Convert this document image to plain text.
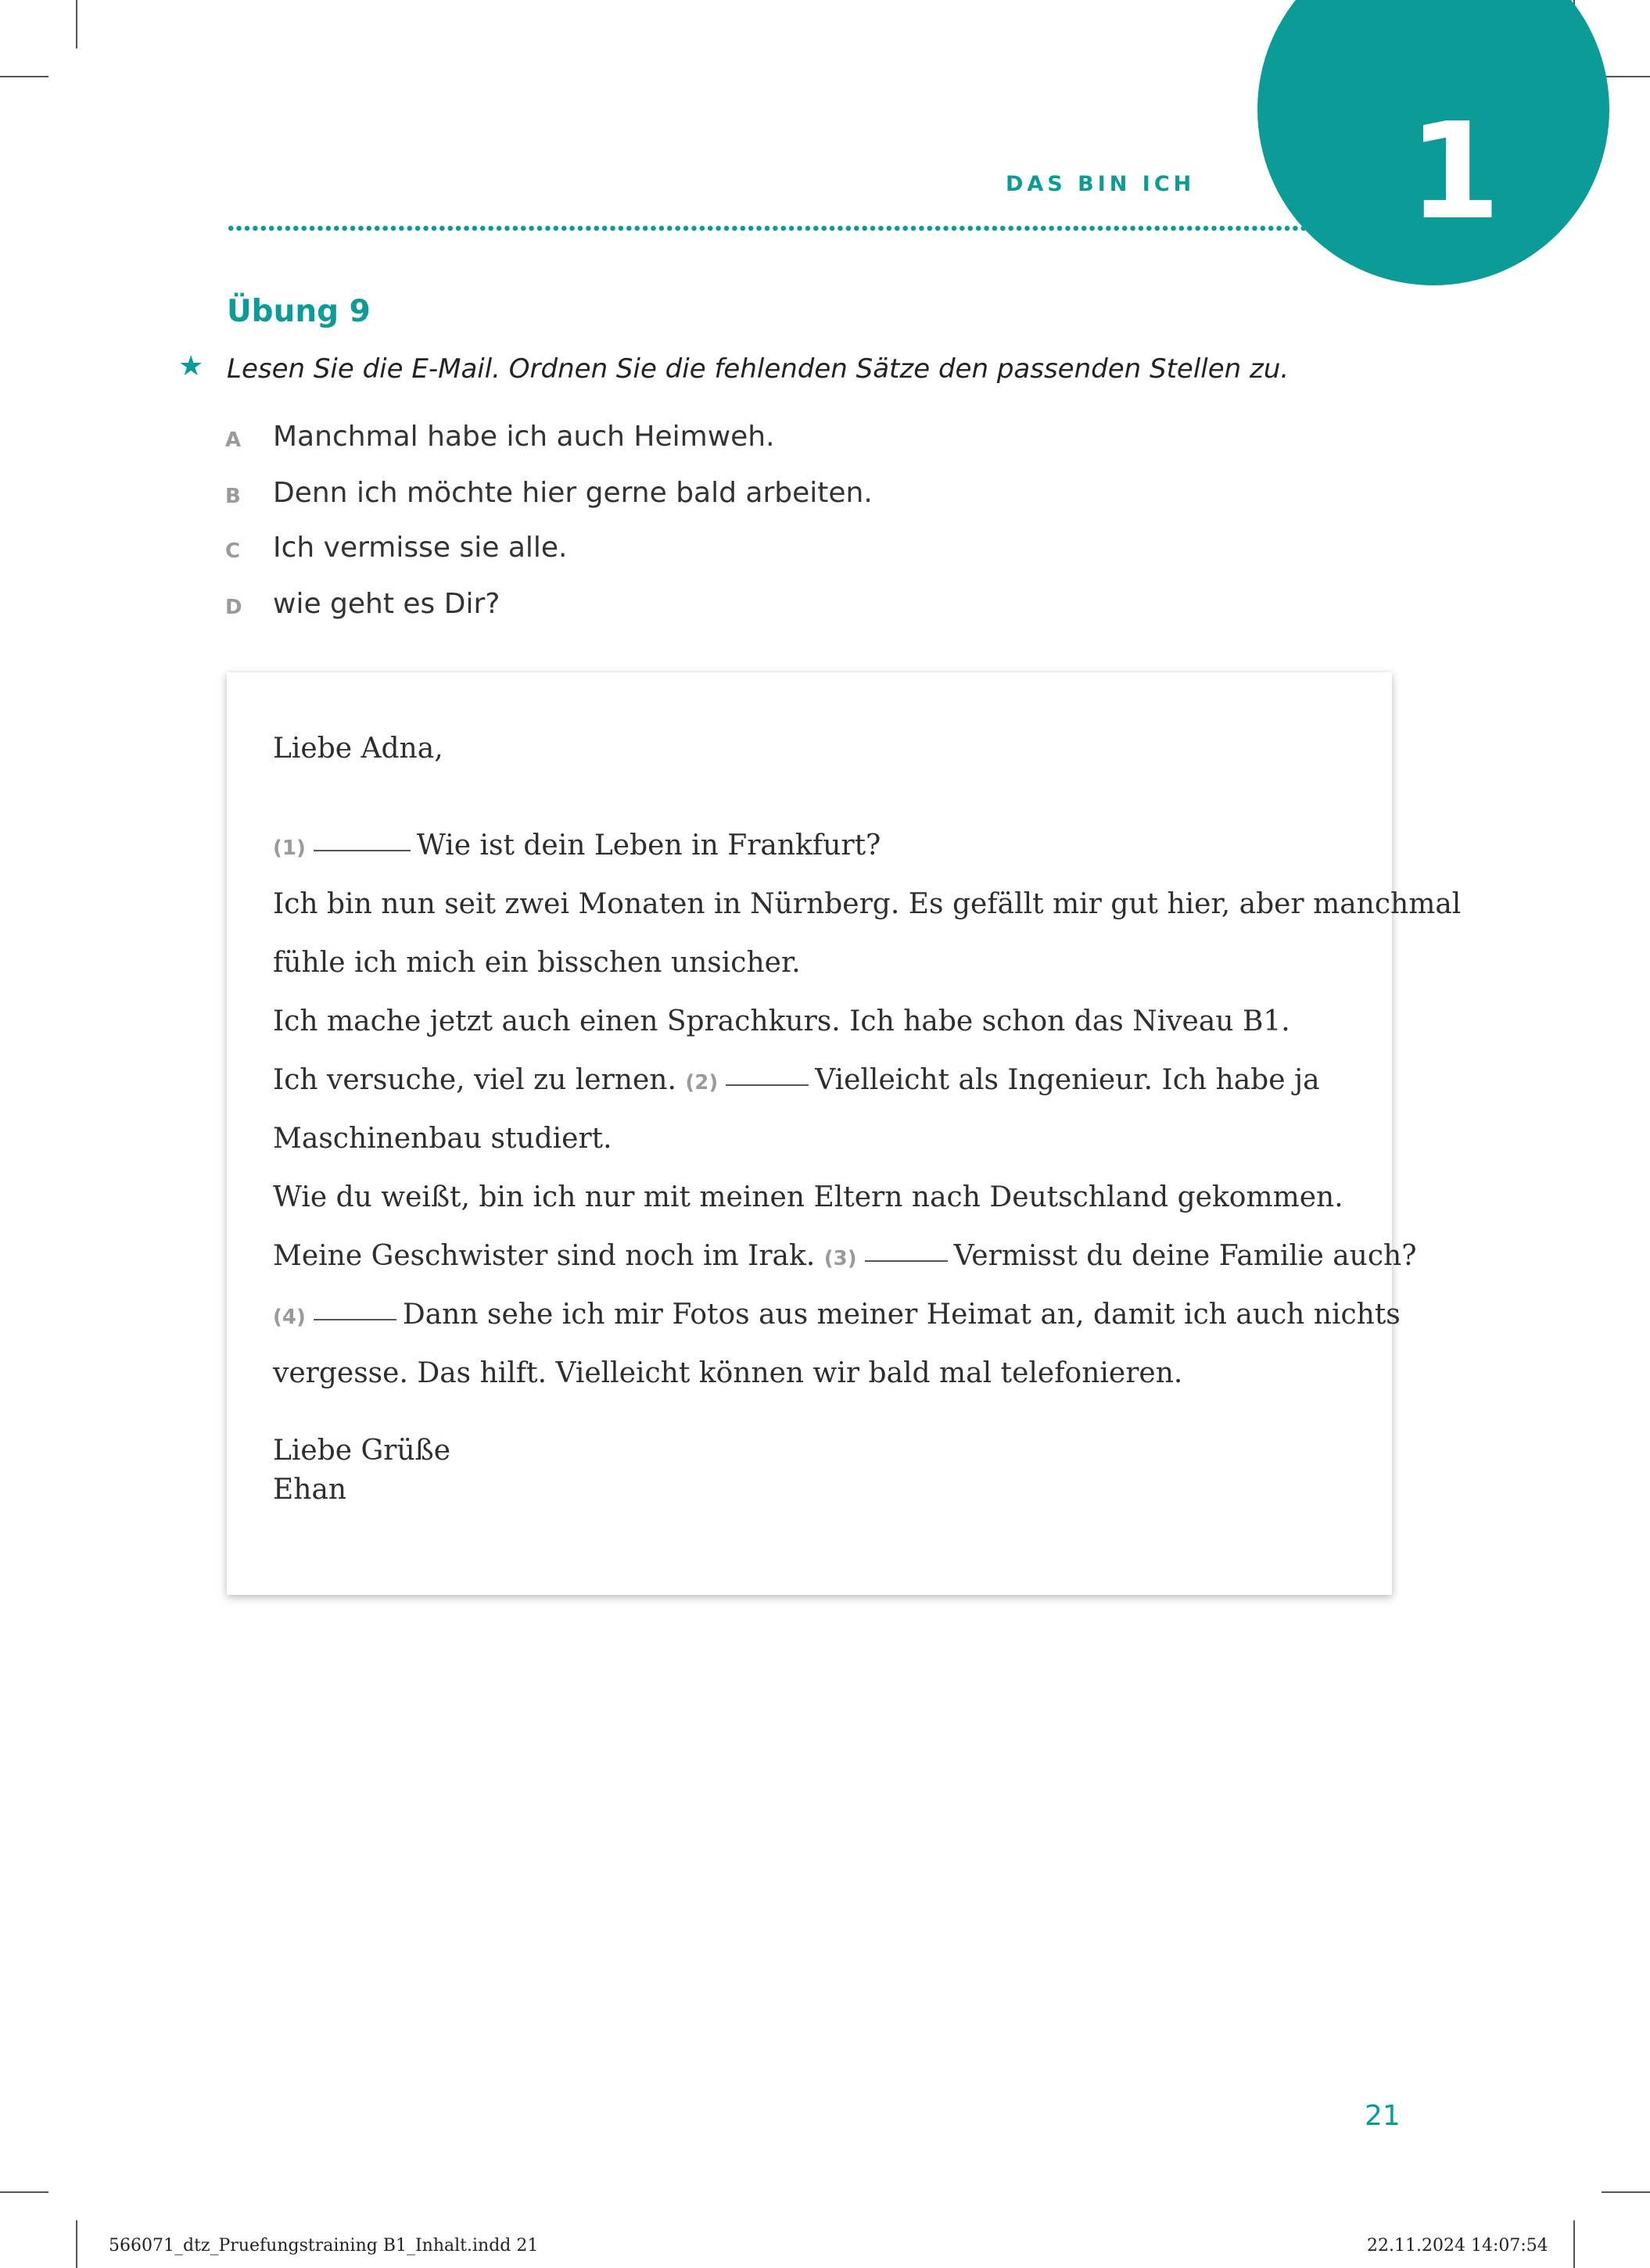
1
DAS BIN ICH
Übung 9
★ Lesen Sie die E-Mail. Ordnen Sie die fehlenden Sätze den passenden Stellen zu.
A Manchmal habe ich auch Heimweh.
B Denn ich möchte hier gerne bald arbeiten.
C Ich vermisse sie alle.
D wie geht es Dir?
Liebe Adna,
(1)	Wie ist dein Leben in Frankfurt?
Ich bin nun seit zwei Monaten in Nürnberg. Es gefällt mir gut hier, aber manchmal
fühle ich mich ein bisschen unsicher.
Ich mache jetzt auch einen Sprachkurs. Ich habe schon das Niveau B1.
Ich versuche, viel zu lernen. (2)	Vielleicht als Ingenieur. Ich habe ja
Maschinenbau studiert.
Wie du weißt, bin ich nur mit meinen Eltern nach Deutschland gekommen.
Meine Geschwister sind noch im Irak. (3)	Vermisst du deine Familie auch?
(4)	Dann sehe ich mir Fotos aus meiner Heimat an, damit ich auch nichts
vergesse. Das hilft. Vielleicht können wir bald mal telefonieren.
Liebe Grüße
Ehan
21
566071_dtz_Pruefungstraining B1_Inhalt.indd 21	22.11.2024 14:07:54
